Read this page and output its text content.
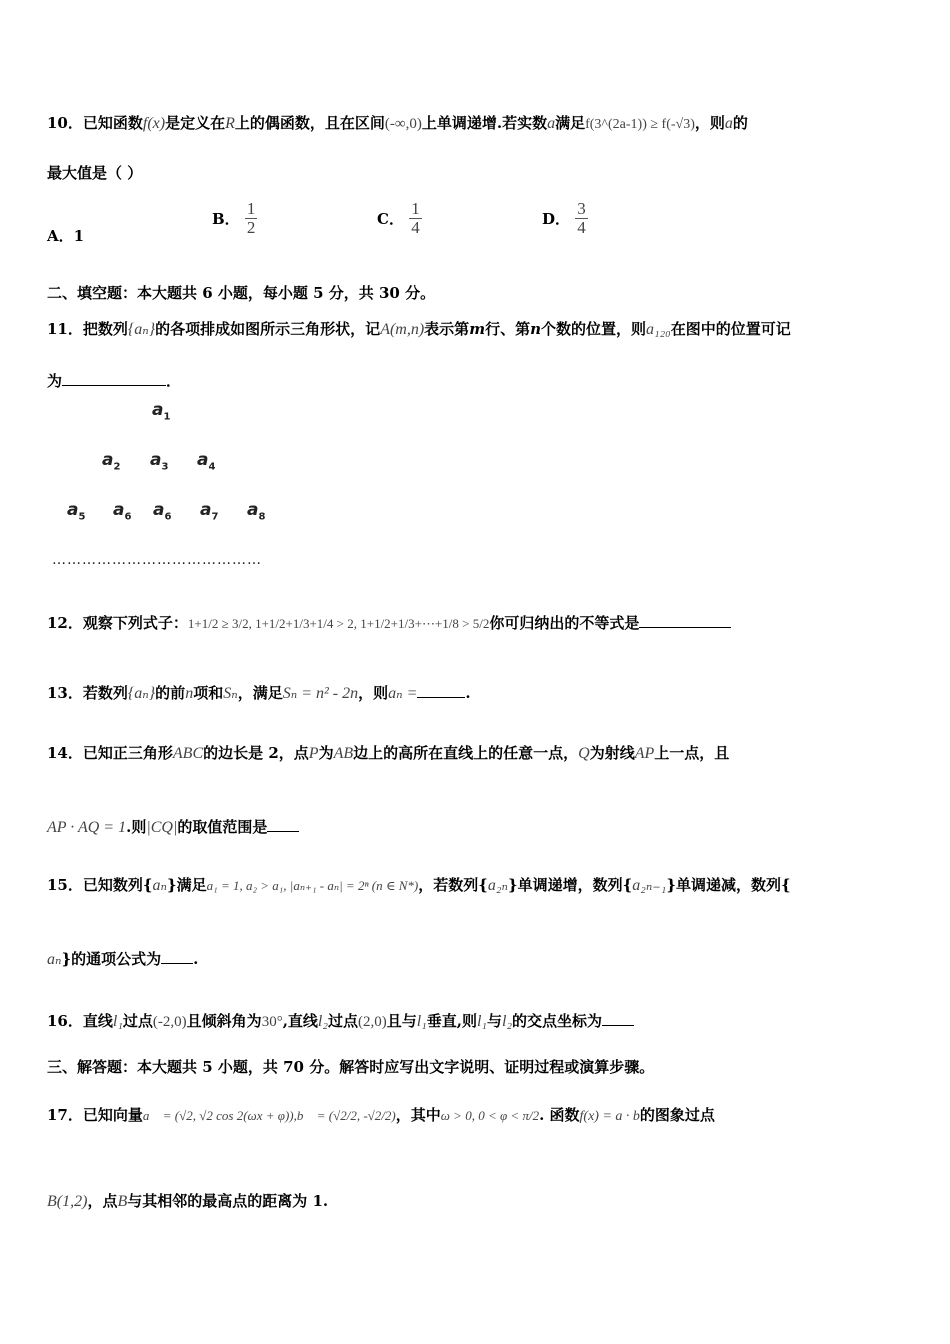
10．已知函数f(x)是定义在R上的偶函数，且在区间(-∞,0)上单调递增.若实数a满足f(3^(2a-1)) ≥ f(-√3)，则a的
最大值是（ ）
A．1
B． $\frac{1}{2}$	C． $\frac{1}{4}$	D． $\frac{3}{4}$
二、填空题：本大题共 6 小题，每小题 5 分，共 30 分。
11．把数列{aₙ}的各项排成如图所示三角形状，记A(m,n)表示第m行、第n个数的位置，则a₁₂₀在图中的位置可记
为	．
$a_1$
$a_2$ $a_3$ $a_4$
$a_5$ $a_6$ $a_6$ $a_7$ $a_8$
……………………………………
12．观察下列式子：1+1/2 ≥ 3/2, 1+1/2+1/3+1/4 > 2, 1+1/2+1/3+⋯+1/8 > 5/2你可归纳出的不等式是
13．若数列{aₙ}的前n项和Sₙ，满足Sₙ = n² - 2n，则aₙ =	.
14．已知正三角形ABC的边长是 2，点P为AB边上的高所在直线上的任意一点，Q为射线AP上一点，且
AP · AQ = 1.则|CQ|的取值范围是
15．已知数列{aₙ}满足a₁ = 1, a₂ > a₁, |aₙ₊₁ - aₙ| = 2ⁿ (n ∈ N*)，若数列{a₂ₙ}单调递增，数列{a₂ₙ₋₁}单调递减，数列{
aₙ}的通项公式为 .
16．直线l₁过点(-2,0)且倾斜角为30°,直线l₂过点(2,0)且与l₁垂直,则l₁与l₂的交点坐标为
三、解答题：本大题共 5 小题，共 70 分。解答时应写出文字说明、证明过程或演算步骤。
17．已知向量a⃗ = (√2, √2 cos 2(ωx + φ)),b⃗ = (√2/2, -√2/2)，其中ω > 0, 0 < φ < π/2. 函数f(x) = a · b的图象过点
B(1,2)，点B与其相邻的最高点的距离为 1.
